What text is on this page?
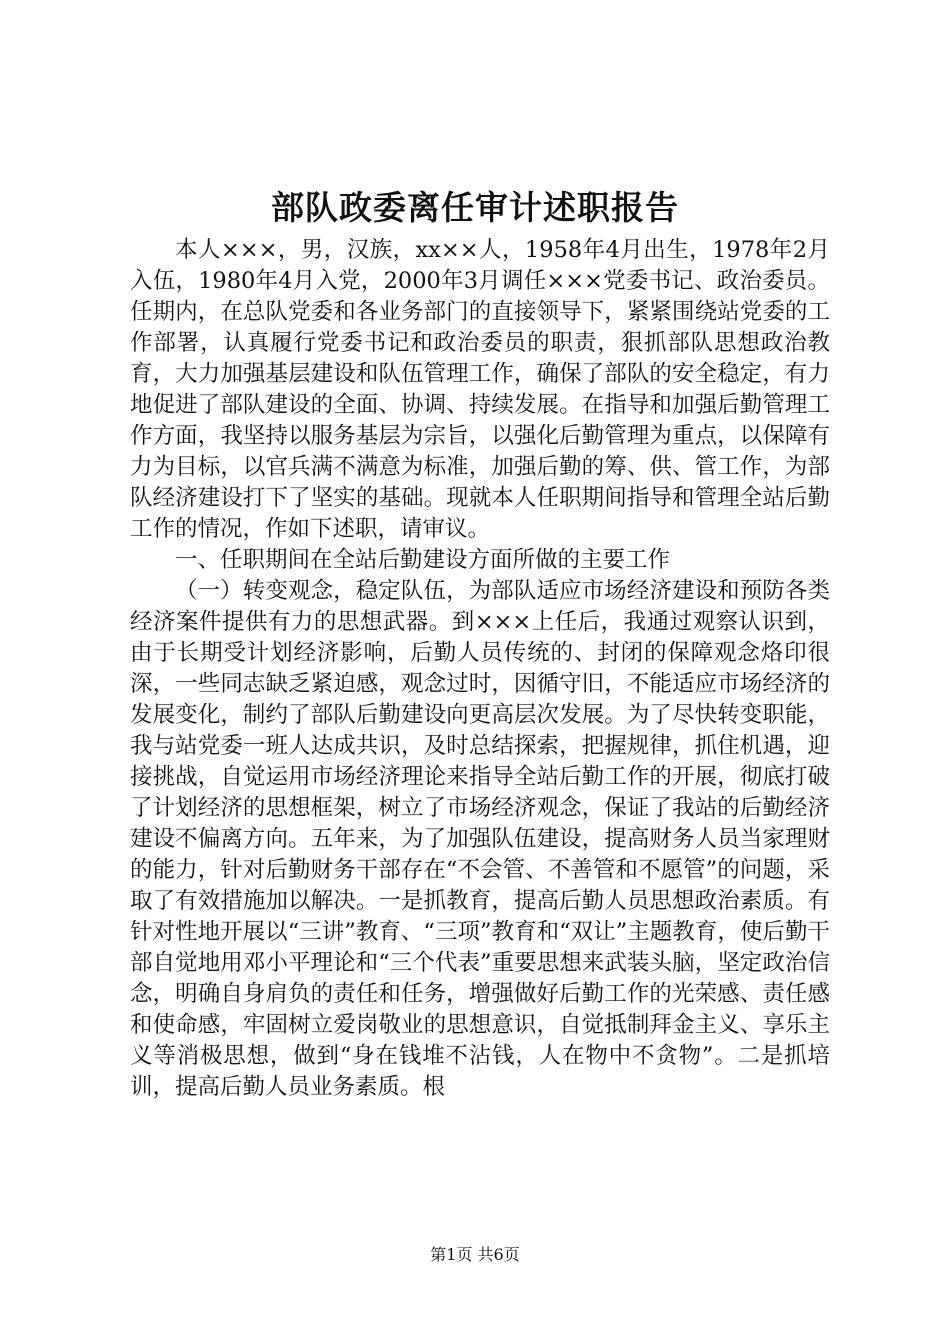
部队政委离任审计述职报告

本人×××，男，汉族，xx××人，1958年4月出生，1978年2月入伍，1980年4月入党，2000年3月调任×××党委书记、政治委员。任期内，在总队党委和各业务部门的直接领导下，紧紧围绕站党委的工作部署，认真履行党委书记和政治委员的职责，狠抓部队思想政治教育，大力加强基层建设和队伍管理工作，确保了部队的安全稳定，有力地促进了部队建设的全面、协调、持续发展。在指导和加强后勤管理工作方面，我坚持以服务基层为宗旨，以强化后勤管理为重点，以保障有力为目标，以官兵满不满意为标准，加强后勤的筹、供、管工作，为部队经济建设打下了坚实的基础。现就本人任职期间指导和管理全站后勤工作的情况，作如下述职，请审议。

一、任职期间在全站后勤建设方面所做的主要工作

（一）转变观念，稳定队伍，为部队适应市场经济建设和预防各类经济案件提供有力的思想武器。到×××上任后，我通过观察认识到，由于长期受计划经济影响，后勤人员传统的、封闭的保障观念烙印很深，一些同志缺乏紧迫感，观念过时，因循守旧，不能适应市场经济的发展变化，制约了部队后勤建设向更高层次发展。为了尽快转变职能，我与站党委一班人达成共识，及时总结探索，把握规律，抓住机遇，迎接挑战，自觉运用市场经济理论来指导全站后勤工作的开展，彻底打破了计划经济的思想框架，树立了市场经济观念，保证了我站的后勤经济建设不偏离方向。五年来，为了加强队伍建设，提高财务人员当家理财的能力，针对后勤财务干部存在“不会管、不善管和不愿管”的问题，采取了有效措施加以解决。一是抓教育，提高后勤人员思想政治素质。有针对性地开展以“三讲”教育、“三项”教育和“双让”主题教育，使后勤干部自觉地用邓小平理论和“三个代表”重要思想来武装头脑，坚定政治信念，明确自身肩负的责任和任务，增强做好后勤工作的光荣感、责任感和使命感，牢固树立爱岗敬业的思想意识，自觉抵制拜金主义、享乐主义等消极思想，做到“身在钱堆不沾钱，人在物中不贪物”。二是抓培训，提高后勤人员业务素质。根

第1页 共6页
